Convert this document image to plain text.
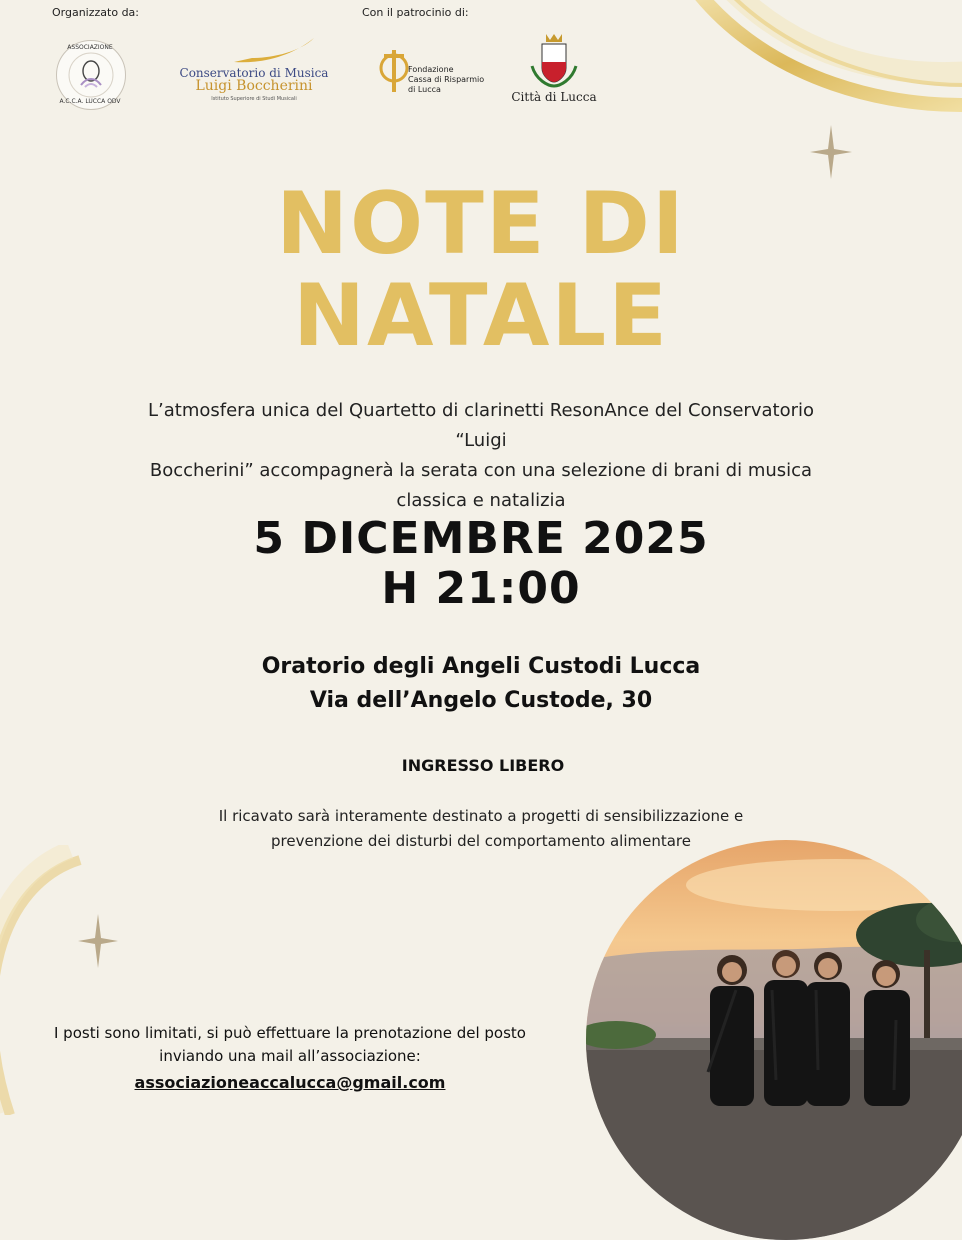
Organizzato da:	Con il patrocinio di:
ASSOCIAZIONE
A.C.C.A. LUCCA ODV
Conservatorio di Musica
Luigi Boccherini
Istituto Superiore di Studi Musicali
Fondazione
Cassa di Risparmio
di Lucca
Città di Lucca
NOTE DI
NATALE
L’atmosfera unica del Quartetto di clarinetti ResonAnce del Conservatorio “Luigi
Boccherini” accompagnerà la serata con una selezione di brani di musica
classica e natalizia
5 DICEMBRE 2025
H 21:00
Oratorio degli Angeli Custodi Lucca
Via dell’Angelo Custode, 30
INGRESSO LIBERO
Il ricavato sarà interamente destinato a progetti di sensibilizzazione e
prevenzione dei disturbi del comportamento alimentare
I posti sono limitati, si può effettuare la prenotazione del posto
inviando una mail all’associazione:
associazioneaccalucca@gmail.com
